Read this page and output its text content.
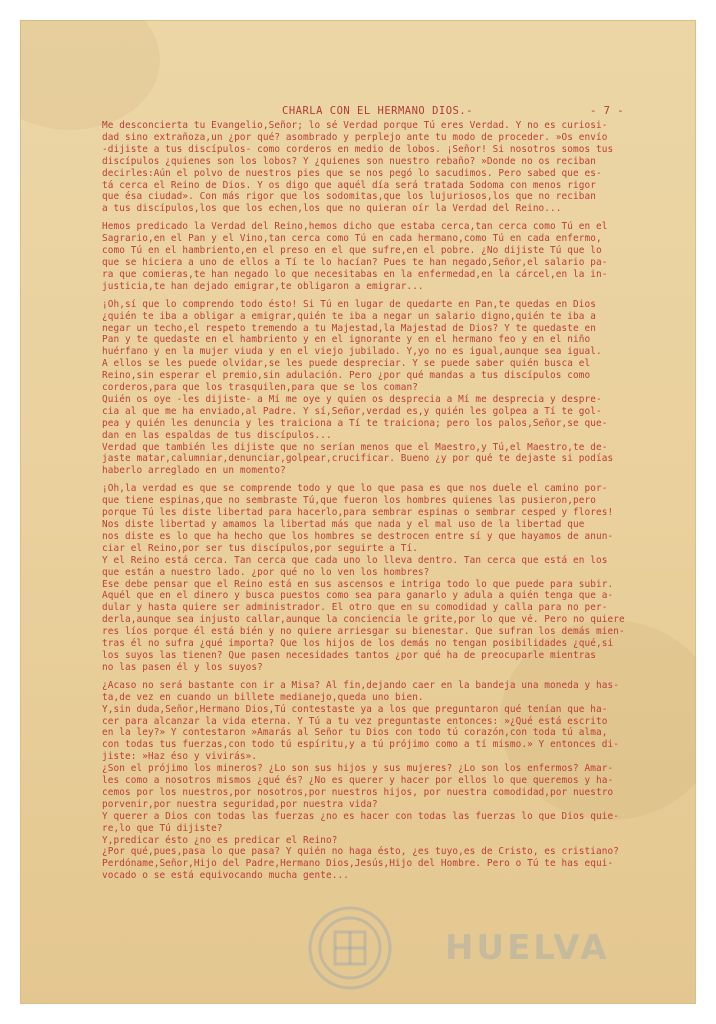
CHARLA CON EL HERMANO DIOS.-	- 7 -
Me desconcierta tu Evangelio,Señor; lo sé Verdad porque Tú eres Verdad. Y no es curiosi-
dad sino extrañoza,un ¿por qué? asombrado y perplejo ante tu modo de proceder. »Os envío
-dijiste a tus discípulos- como corderos en medio de lobos. ¡Señor! Si nosotros somos tus
discípulos ¿quienes son los lobos? Y ¿quienes son nuestro rebaño? »Donde no os reciban
decirles:Aún el polvo de nuestros pies que se nos pegó lo sacudimos. Pero sabed que es-
tá cerca el Reino de Dios. Y os digo que aquél día será tratada Sodoma con menos rigor
que ésa ciudad». Con más rigor que los sodomitas,que los lujuriosos,los que no reciban
a tus discípulos,los que los echen,los que no quieran oír la Verdad del Reino...
Hemos predicado la Verdad del Reino,hemos dicho que estaba cerca,tan cerca como Tú en el
Sagrario,en el Pan y el Vino,tan cerca como Tú en cada hermano,como Tú en cada enfermo,
como Tú en el hambriento,en el preso en el que sufre,en el pobre. ¿No dijiste Tú que lo
que se hiciera a uno de ellos a Tí te lo hacían? Pues te han negado,Señor,el salario pa-
ra que comieras,te han negado lo que necesitabas en la enfermedad,en la cárcel,en la in-
justicia,te han dejado emigrar,te obligaron a emigrar...
¡Oh,sí que lo comprendo todo ésto! Si Tú en lugar de quedarte en Pan,te quedas en Dios
¿quién te iba a obligar a emigrar,quién te iba a negar un salario digno,quién te iba a
negar un techo,el respeto tremendo a tu Majestad,la Majestad de Dios? Y te quedaste en
Pan y te quedaste en el hambriento y en el ignorante y en el hermano feo y en el niño
huérfano y en la mujer viuda y en el viejo jubilado. Y,yo no es igual,aunque sea igual.
A ellos se les puede olvidar,se les puede despreciar. Y se puede saber quién busca el
Reino,sin esperar el premio,sin adulación. Pero ¿por qué mandas a tus discípulos como
corderos,para que los trasquilen,para que se los coman?
Quién os oye -les dijiste- a Mí me oye y quien os desprecia a Mí me desprecia y despre-
cia al que me ha enviado,al Padre. Y sí,Señor,verdad es,y quién les golpea a Tí te gol-
pea y quién les denuncia y les traiciona a Tí te traiciona; pero los palos,Señor,se que-
dan en las espaldas de tus discípulos...
Verdad que también les dijiste que no serían menos que el Maestro,y Tú,el Maestro,te de-
jaste matar,calumniar,denunciar,golpear,crucificar. Bueno ¿y por qué te dejaste si podías
haberlo arreglado en un momento?
¡Oh,la verdad es que se comprende todo y que lo que pasa es que nos duele el camino por-
que tiene espinas,que no sembraste Tú,que fueron los hombres quienes las pusieron,pero
porque Tú les diste libertad para hacerlo,para sembrar espinas o sembrar cesped y flores!
Nos diste libertad y amamos la libertad más que nada y el mal uso de la libertad que
nos diste es lo que ha hecho que los hombres se destrocen entre sí y que hayamos de anun-
ciar el Reino,por ser tus discípulos,por seguirte a Tí.
Y el Reino está cerca. Tan cerca que cada uno lo lleva dentro. Tan cerca que está en los
que están a nuestro lado. ¿por qué no lo ven los hombres?
Ese debe pensar que el Reino está en sus ascensos e intriga todo lo que puede para subir.
Aquél que en el dinero y busca puestos como sea para ganarlo y adula a quién tenga que a-
dular y hasta quiere ser administrador. El otro que en su comodidad y calla para no per-
derla,aunque sea injusto callar,aunque la conciencia le grite,por lo que vé. Pero no quiere
res líos porque él está bién y no quiere arriesgar su bienestar. Que sufran los demás mien-
tras él no sufra ¿qué importa? Que los hijos de los demás no tengan posibilidades ¿qué,si
los suyos las tienen? Que pasen necesidades tantos ¿por qué ha de preocuparle mientras
no las pasen él y los suyos?
¿Acaso no será bastante con ir a Misa? Al fin,dejando caer en la bandeja una moneda y has-
ta,de vez en cuando un billete medianejo,queda uno bien.
Y,sin duda,Señor,Hermano Dios,Tú contestaste ya a los que preguntaron qué tenían que ha-
cer para alcanzar la vida eterna. Y Tú a tu vez preguntaste entonces: »¿Qué está escrito
en la ley?» Y contestaron »Amarás al Señor tu Dios con todo tú corazón,con toda tú alma,
con todas tus fuerzas,con todo tú espíritu,y a tú prójimo como a tí mismo.» Y entonces di-
jiste: »Haz éso y vivirás».
¿Son el prójimo los mineros? ¿Lo son sus hijos y sus mujeres? ¿Lo son los enfermos? Amar-
les como a nosotros mismos ¿qué és? ¿No es querer y hacer por ellos lo que queremos y ha-
cemos por los nuestros,por nosotros,por nuestros hijos, por nuestra comodidad,por nuestro
porvenir,por nuestra seguridad,por nuestra vida?
Y querer a Dios con todas las fuerzas ¿no es hacer con todas las fuerzas lo que Dios quie-
re,lo que Tú dijiste?
Y,predicar ésto ¿no es predicar el Reino?
¿Por qué,pues,pasa lo que pasa? Y quién no haga ésto, ¿es tuyo,es de Cristo, es cristiano?
Perdóname,Señor,Hijo del Padre,Hermano Dios,Jesús,Hijo del Hombre. Pero o Tú te has equi-
vocado o se está equivocando mucha gente...
HUELVA
